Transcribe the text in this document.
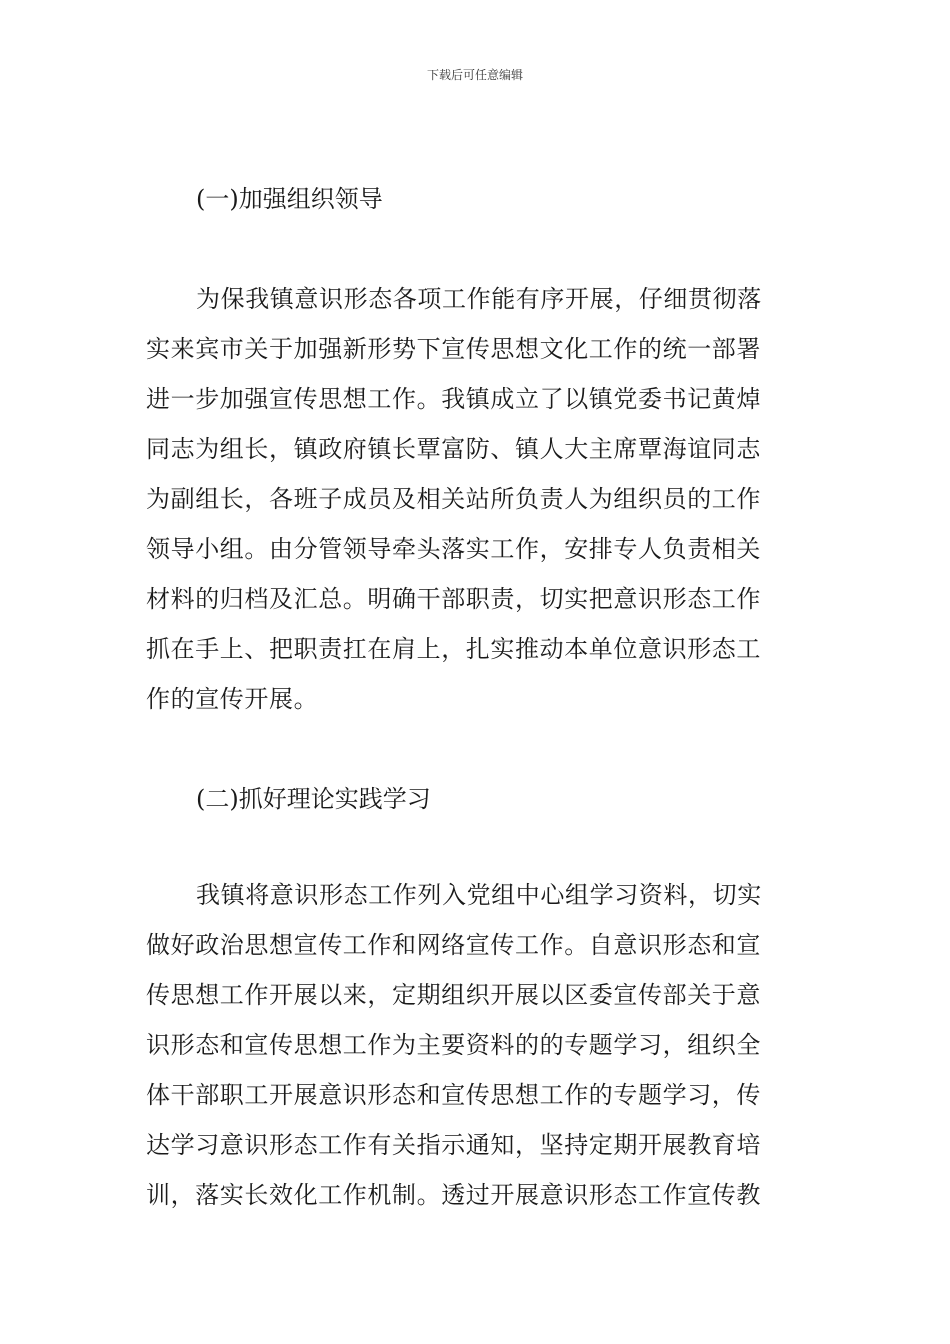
下载后可任意编辑
(一)加强组织领导
为保我镇意识形态各项工作能有序开展，仔细贯彻落
实来宾市关于加强新形势下宣传思想文化工作的统一部署
进一步加强宣传思想工作。我镇成立了以镇党委书记黄焯
同志为组长，镇政府镇长覃富防、镇人大主席覃海谊同志
为副组长，各班子成员及相关站所负责人为组织员的工作
领导小组。由分管领导牵头落实工作，安排专人负责相关
材料的归档及汇总。明确干部职责，切实把意识形态工作
抓在手上、把职责扛在肩上，扎实推动本单位意识形态工
作的宣传开展。
(二)抓好理论实践学习
我镇将意识形态工作列入党组中心组学习资料，切实
做好政治思想宣传工作和网络宣传工作。自意识形态和宣
传思想工作开展以来，定期组织开展以区委宣传部关于意
识形态和宣传思想工作为主要资料的的专题学习，组织全
体干部职工开展意识形态和宣传思想工作的专题学习，传
达学习意识形态工作有关指示通知，坚持定期开展教育培
训，落实长效化工作机制。透过开展意识形态工作宣传教
